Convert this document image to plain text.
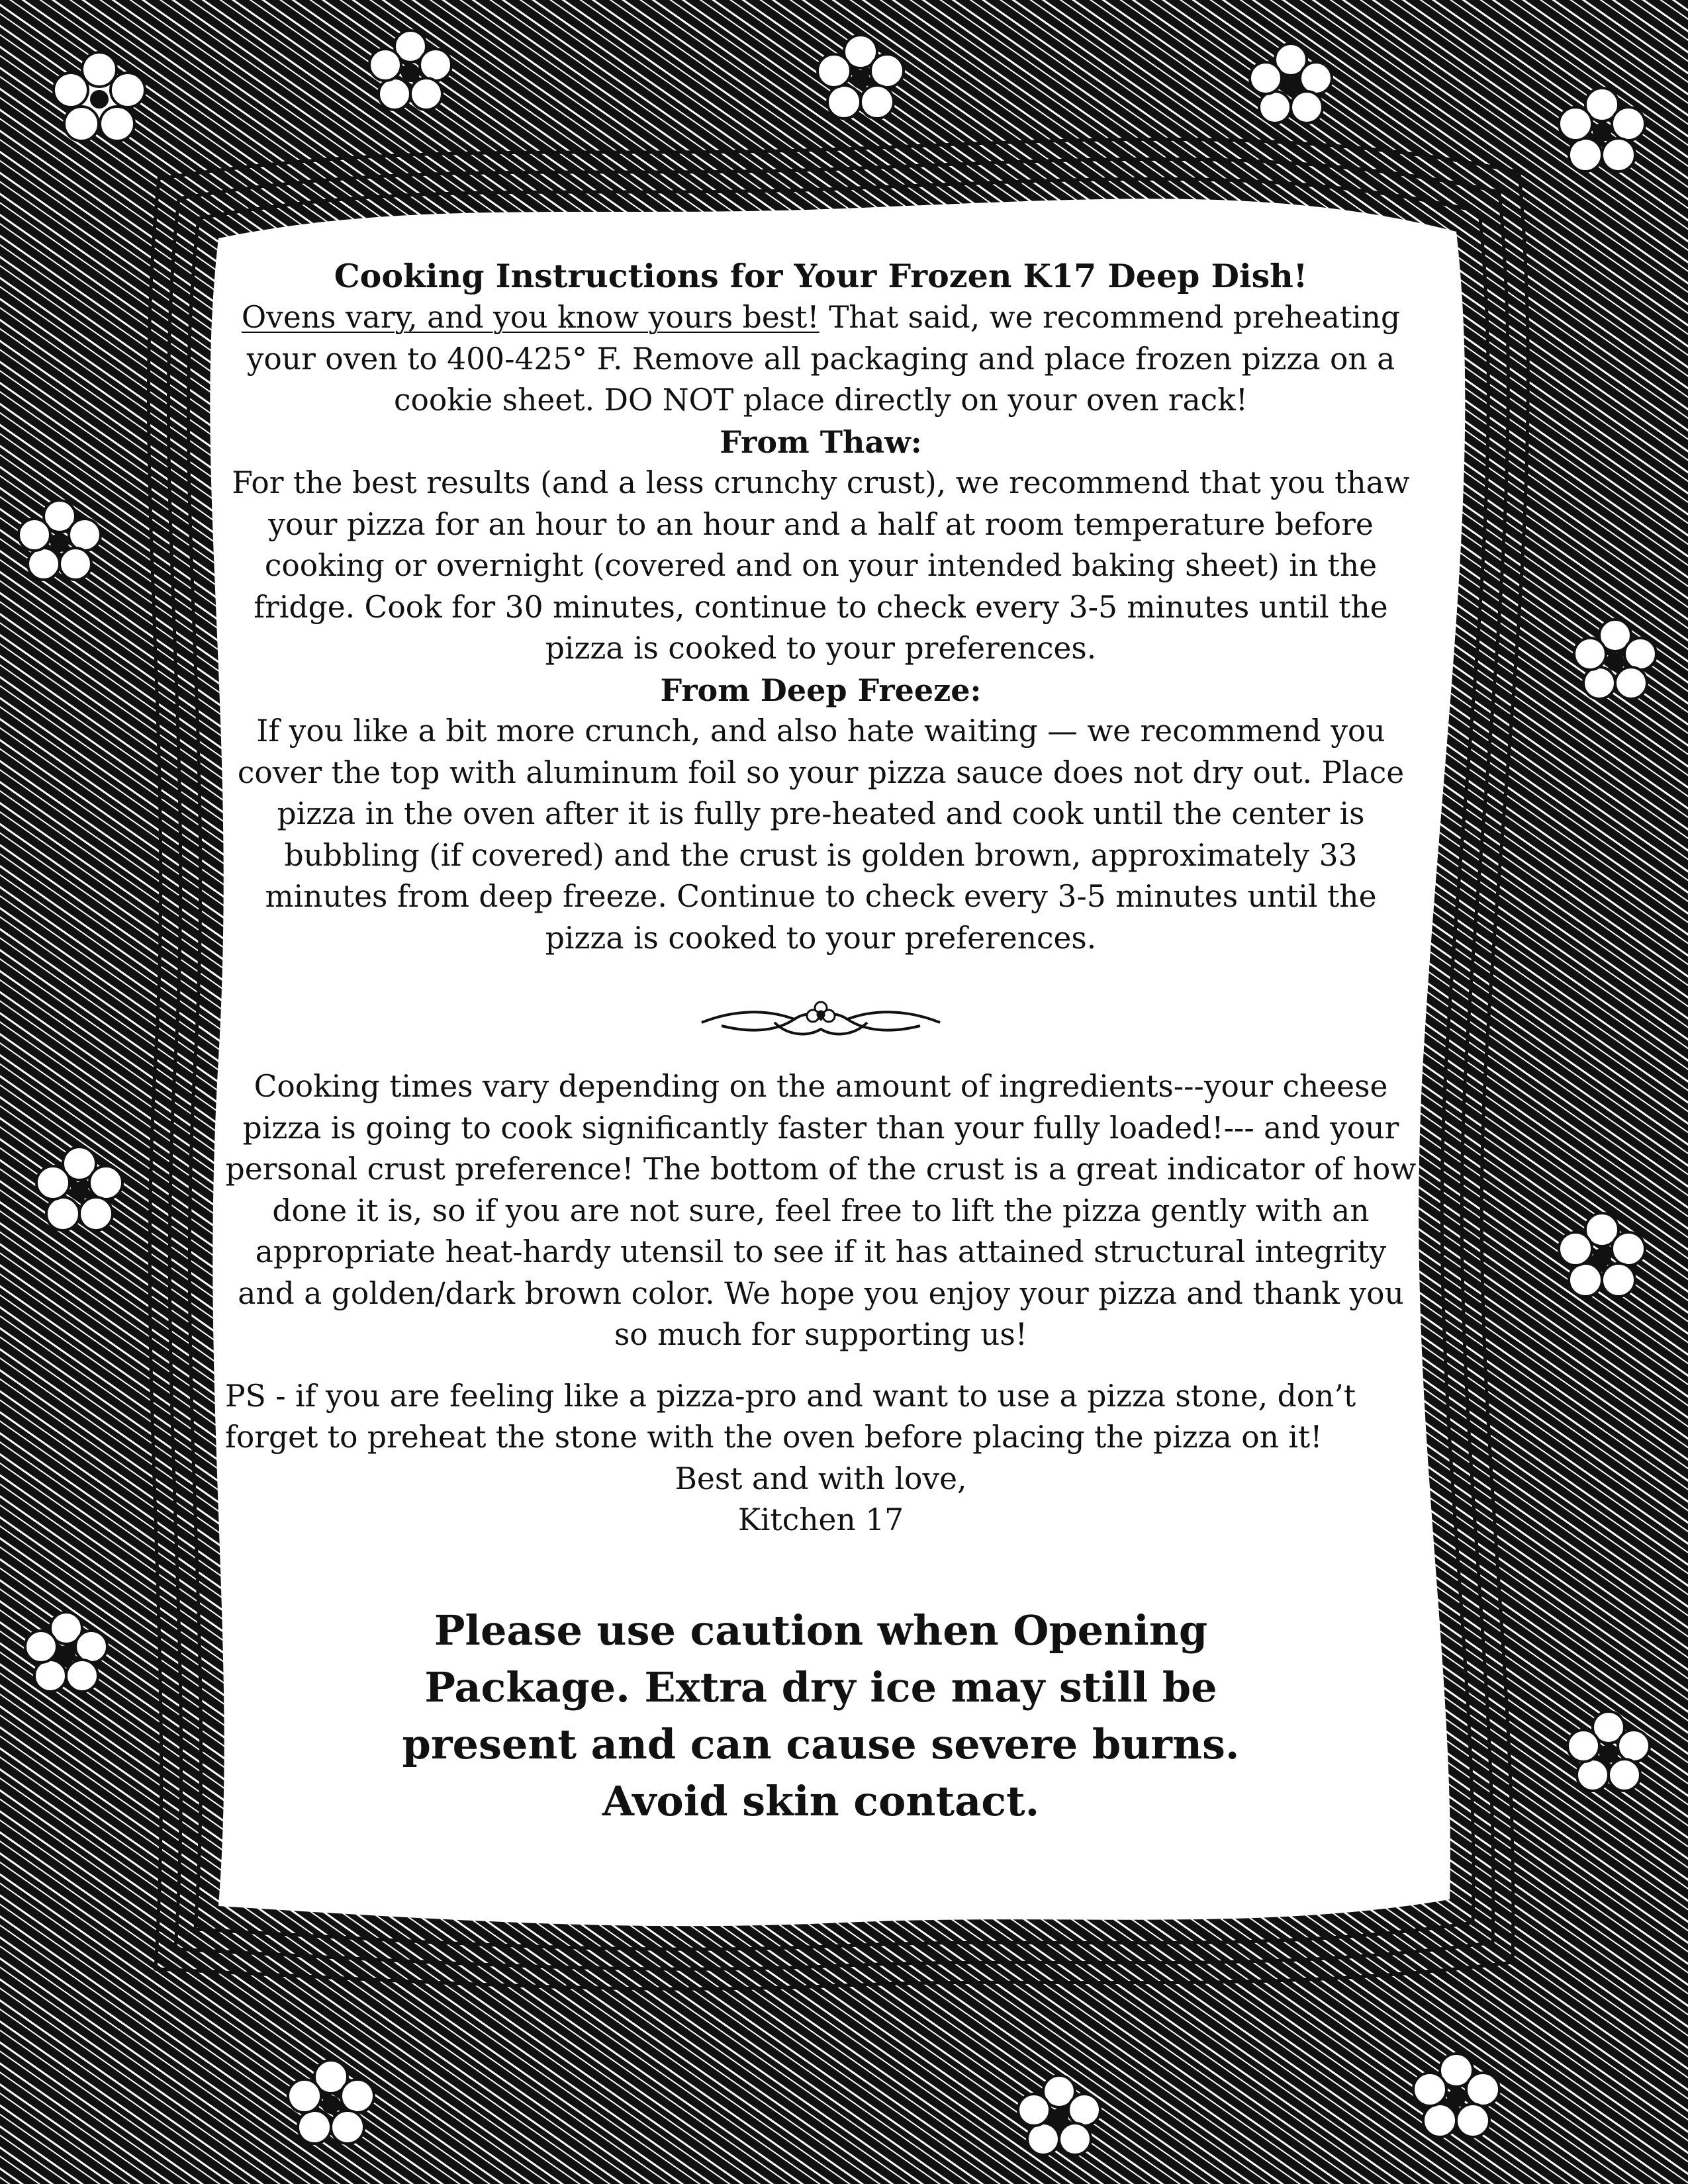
Cooking Instructions for Your Frozen K17 Deep Dish!

Ovens vary, and you know yours best! That said, we recommend preheating your oven to 400-425° F. Remove all packaging and place frozen pizza on a cookie sheet. DO NOT place directly on your oven rack!

From Thaw:

For the best results (and a less crunchy crust), we recommend that you thaw your pizza for an hour to an hour and a half at room temperature before cooking or overnight (covered and on your intended baking sheet) in the fridge. Cook for 30 minutes, continue to check every 3-5 minutes until the pizza is cooked to your preferences.

From Deep Freeze:

If you like a bit more crunch, and also hate waiting — we recommend you cover the top with aluminum foil so your pizza sauce does not dry out. Place pizza in the oven after it is fully pre-heated and cook until the center is bubbling (if covered) and the crust is golden brown, approximately 33 minutes from deep freeze. Continue to check every 3-5 minutes until the pizza is cooked to your preferences.

Cooking times vary depending on the amount of ingredients---your cheese pizza is going to cook significantly faster than your fully loaded!--- and your personal crust preference! The bottom of the crust is a great indicator of how done it is, so if you are not sure, feel free to lift the pizza gently with an appropriate heat-hardy utensil to see if it has attained structural integrity and a golden/dark brown color. We hope you enjoy your pizza and thank you so much for supporting us!

PS - if you are feeling like a pizza-pro and want to use a pizza stone, don’t forget to preheat the stone with the oven before placing the pizza on it!

Best and with love,

Kitchen 17

Please use caution when Opening Package. Extra dry ice may still be present and can cause severe burns. Avoid skin contact.
